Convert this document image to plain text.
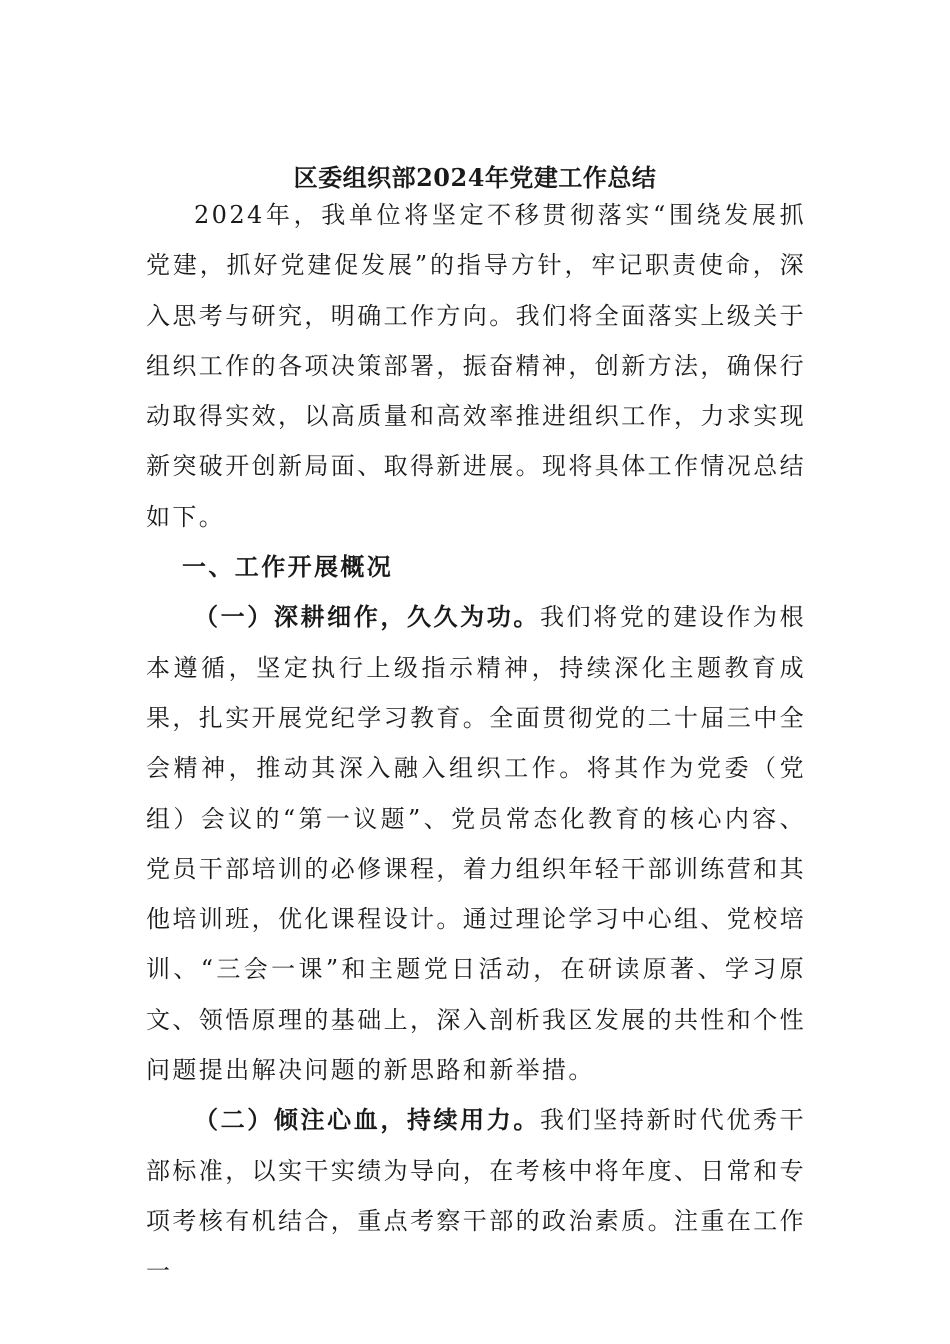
区委组织部2024年党建工作总结

2024年，我单位将坚定不移贯彻落实“围绕发展抓党建，抓好党建促发展”的指导方针，牢记职责使命，深入思考与研究，明确工作方向。我们将全面落实上级关于组织工作的各项决策部署，振奋精神，创新方法，确保行动取得实效，以高质量和高效率推进组织工作，力求实现新突破开创新局面、取得新进展。现将具体工作情况总结如下。

一、工作开展概况

（一）深耕细作，久久为功。我们将党的建设作为根本遵循，坚定执行上级指示精神，持续深化主题教育成果，扎实开展党纪学习教育。全面贯彻党的二十届三中全会精神，推动其深入融入组织工作。将其作为党委（党组）会议的“第一议题”、党员常态化教育的核心内容、党员干部培训的必修课程，着力组织年轻干部训练营和其他培训班，优化课程设计。通过理论学习中心组、党校培训、“三会一课”和主题党日活动，在研读原著、学习原文、领悟原理的基础上，深入剖析我区发展的共性和个性问题提出解决问题的新思路和新举措。

（二）倾注心血，持续用力。我们坚持新时代优秀干部标准，以实干实绩为导向，在考核中将年度、日常和专项考核有机结合，重点考察干部的政治素质。注重在工作一
